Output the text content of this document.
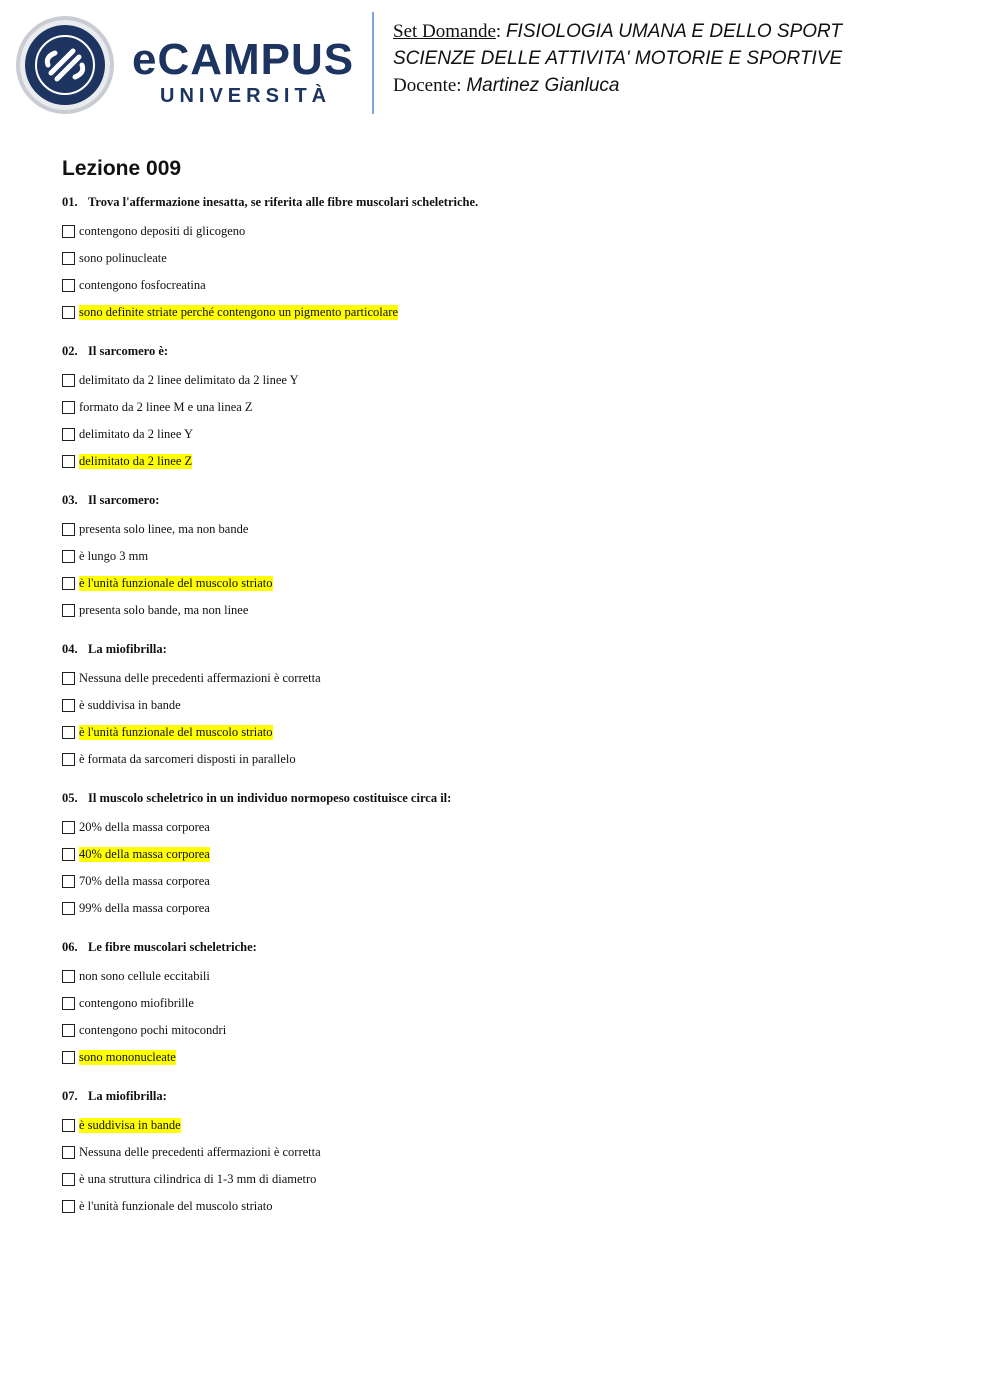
eCAMPUS
UNIVERSITÀ
Set Domande: FISIOLOGIA UMANA E DELLO SPORT
SCIENZE DELLE ATTIVITA' MOTORIE E SPORTIVE
Docente: Martinez Gianluca
Lezione 009
01. Trova l'affermazione inesatta, se riferita alle fibre muscolari scheletriche.
contengono depositi di glicogeno
sono polinucleate
contengono fosfocreatina
sono definite striate perché contengono un pigmento particolare
02. Il sarcomero è:
delimitato da 2 linee delimitato da 2 linee Y
formato da 2 linee M e una linea Z
delimitato da 2 linee Y
delimitato da 2 linee Z
03. Il sarcomero:
presenta solo linee, ma non bande
è lungo 3 mm
è l'unità funzionale del muscolo striato
presenta solo bande, ma non linee
04. La miofibrilla:
Nessuna delle precedenti affermazioni è corretta
è suddivisa in bande
è l'unità funzionale del muscolo striato
è formata da sarcomeri disposti in parallelo
05. Il muscolo scheletrico in un individuo normopeso costituisce circa il:
20% della massa corporea
40% della massa corporea
70% della massa corporea
99% della massa corporea
06. Le fibre muscolari scheletriche:
non sono cellule eccitabili
contengono miofibrille
contengono pochi mitocondri
sono mononucleate
07. La miofibrilla:
è suddivisa in bande
Nessuna delle precedenti affermazioni è corretta
è una struttura cilindrica di 1-3 mm di diametro
è l'unità funzionale del muscolo striato
